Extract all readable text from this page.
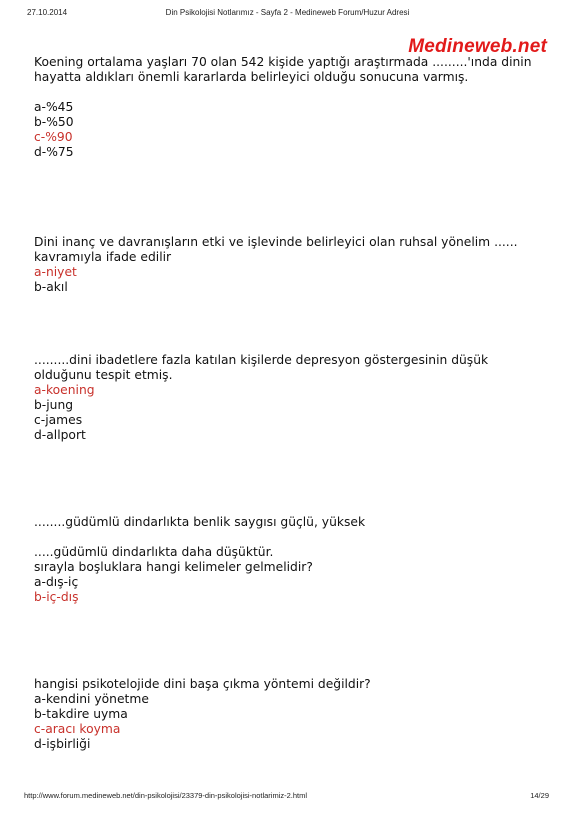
27.10.2014	Din Psikolojisi Notlarımız - Sayfa 2 - Medineweb Forum/Huzur Adresi
Medineweb.net

Koening ortalama yaşları 70 olan 542 kişide yaptığı araştırmada .........'ında dinin hayatta aldıkları önemli kararlarda belirleyici olduğu sonucuna varmış.

a-%45
b-%50
c-%90
d-%75

Dini inanç ve davranışların etki ve işlevinde belirleyici olan ruhsal yönelim ...... kavramıyla ifade edilir

a-niyet
b-akıl

.........dini ibadetlere fazla katılan kişilerde depresyon göstergesinin düşük olduğunu tespit etmiş.

a-koening
b-jung
c-james
d-allport

........güdümlü dindarlıkta benlik saygısı güçlü, yüksek

.....güdümlü dindarlıkta daha düşüktür.

sırayla boşluklara hangi kelimeler gelmelidir?

a-dış-iç
b-iç-dış

hangisi psikotelojide dini başa çıkma yöntemi değildir?

a-kendini yönetme
b-takdire uyma
c-aracı koyma
d-işbirliği
http://www.forum.medineweb.net/din-psikolojisi/23379-din-psikolojisi-notlarimiz-2.html	14/29
